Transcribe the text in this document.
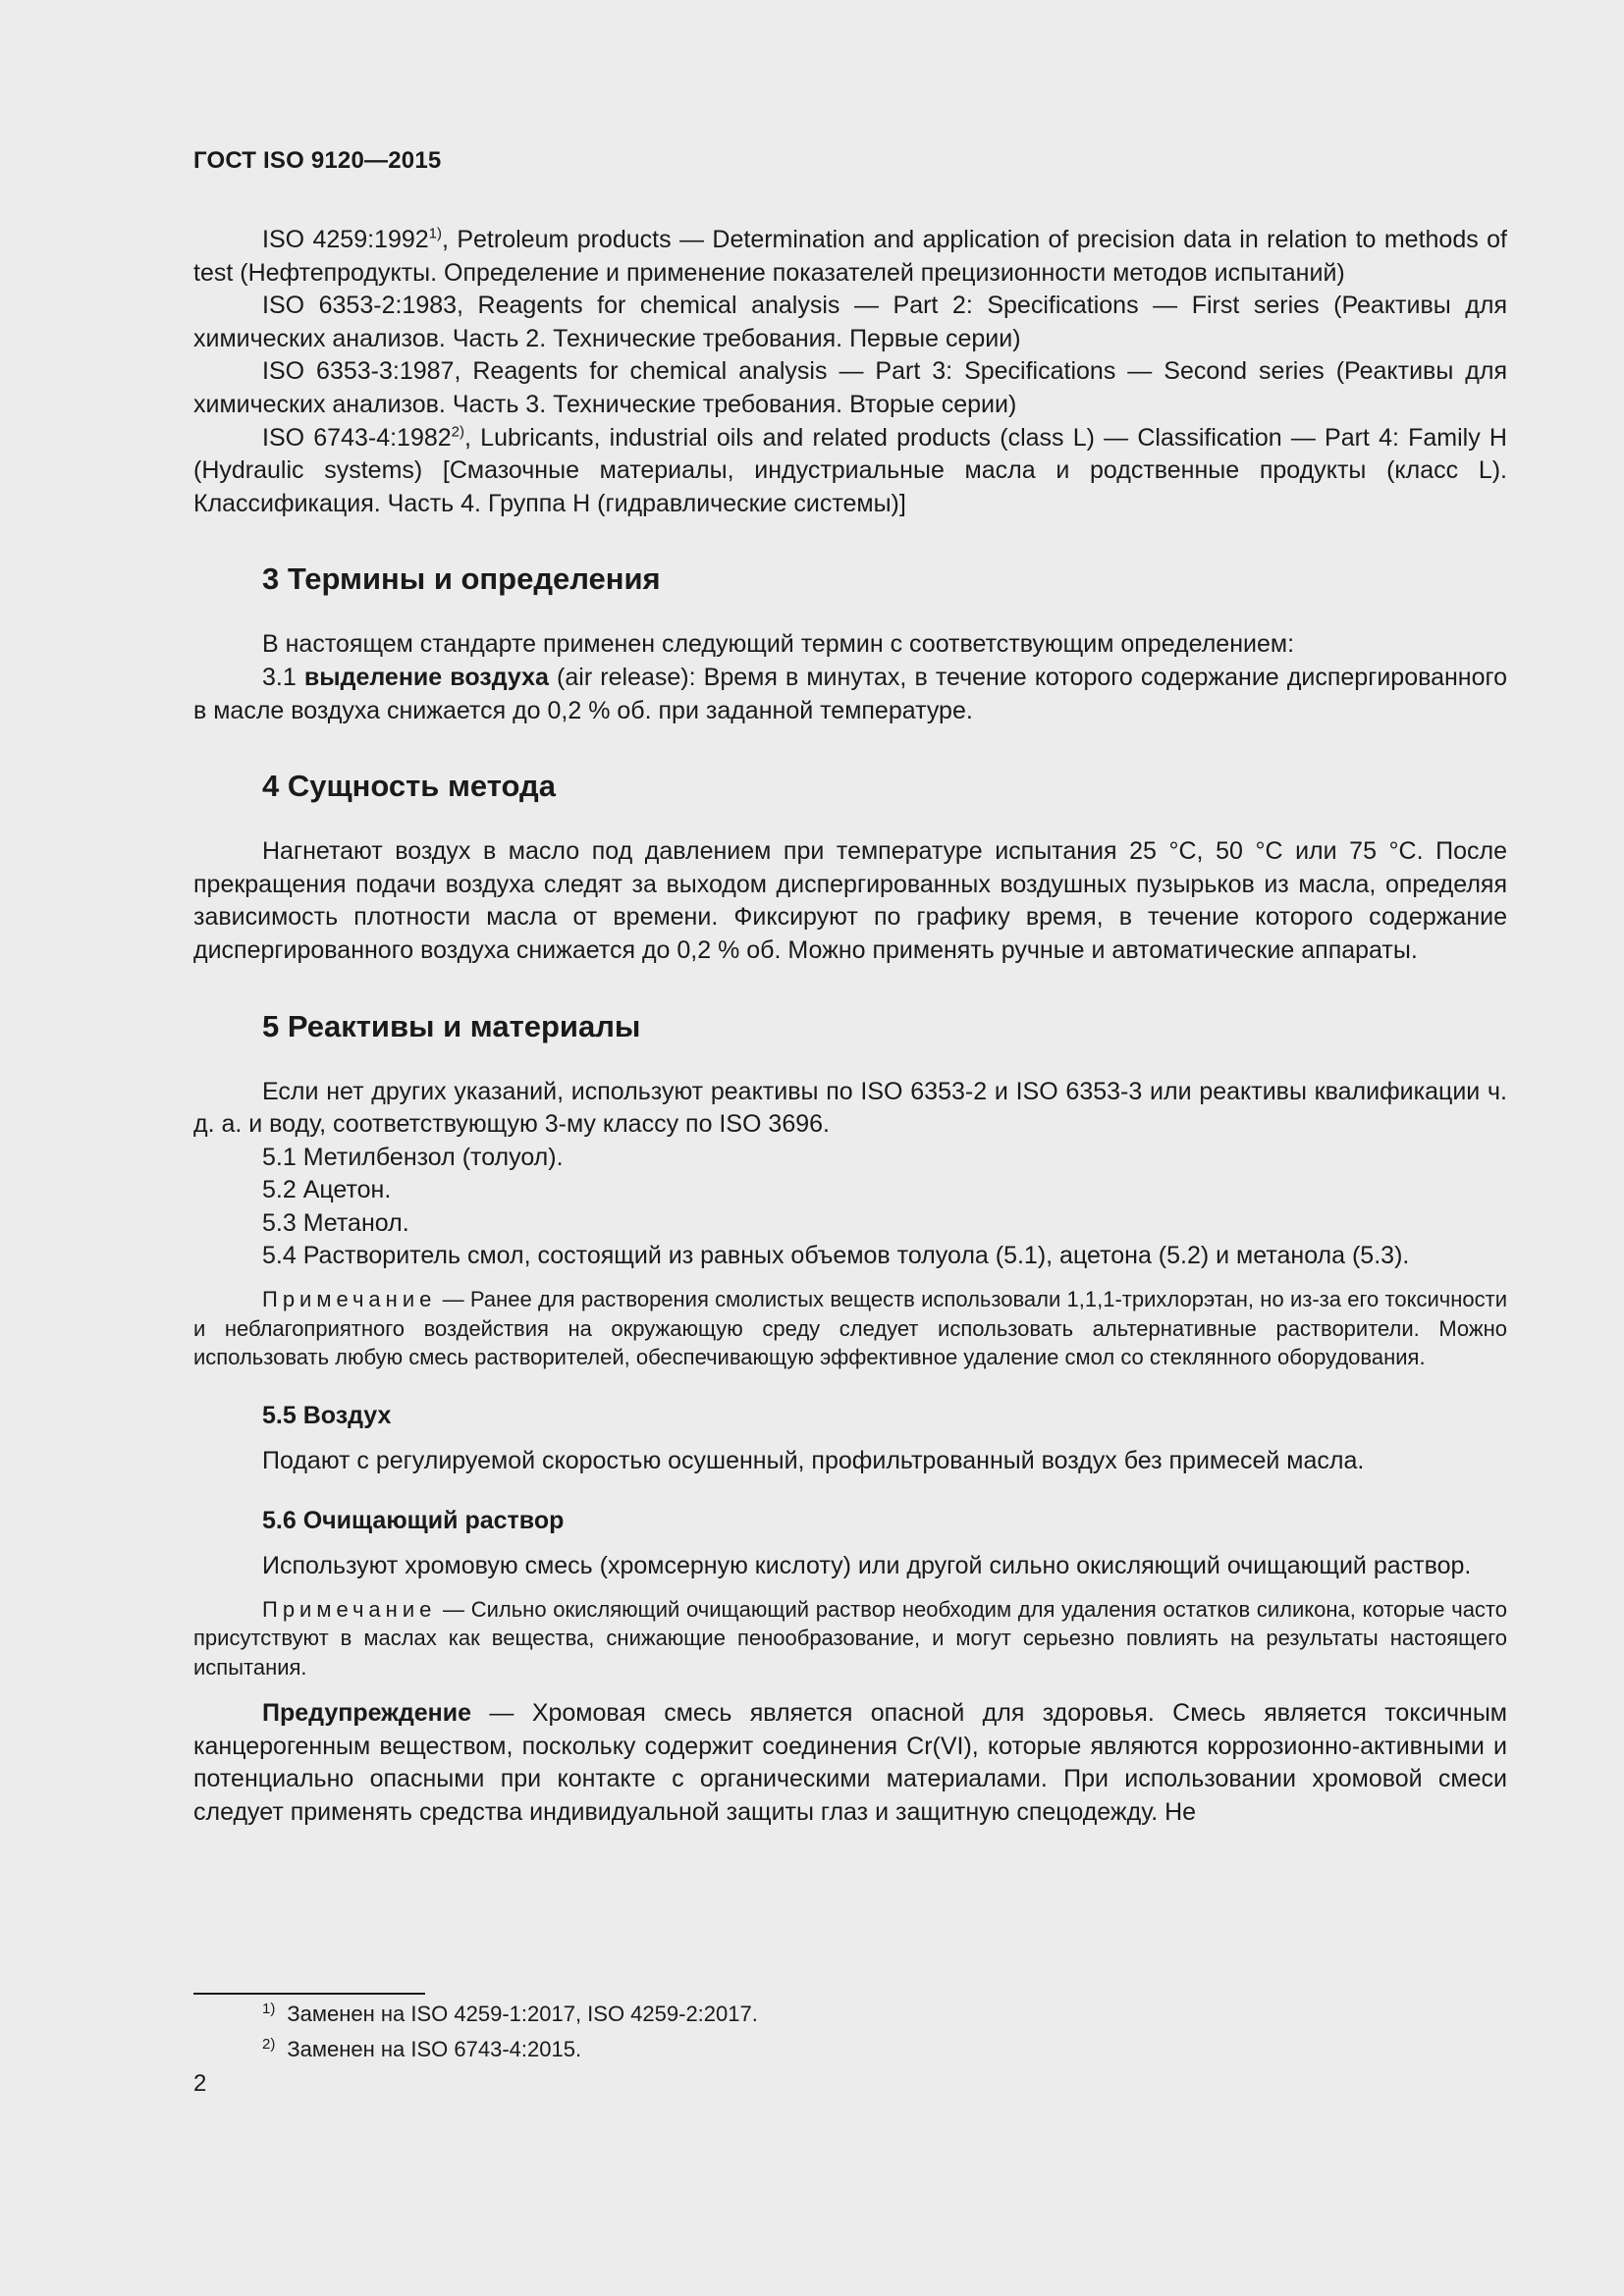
ГОСТ ISO 9120—2015

ISO 4259:1992$^{1)}$, Petroleum products — Determination and application of precision data in relation to methods of test (Нефтепродукты. Определение и применение показателей прецизионности методов испытаний)

ISO 6353-2:1983, Reagents for chemical analysis — Part 2: Specifications — First series (Реактивы для химических анализов. Часть 2. Технические требования. Первые серии)

ISO 6353-3:1987, Reagents for chemical analysis — Part 3: Specifications — Second series (Реактивы для химических анализов. Часть 3. Технические требования. Вторые серии)

ISO 6743-4:1982$^{2)}$, Lubricants, industrial oils and related products (class L) — Classification — Part 4: Family H (Hydraulic systems) [Смазочные материалы, индустриальные масла и родственные продукты (класс L). Классификация. Часть 4. Группа H (гидравлические системы)]

3 Термины и определения

В настоящем стандарте применен следующий термин с соответствующим определением:

3.1 выделение воздуха (air release): Время в минутах, в течение которого содержание диспергированного в масле воздуха снижается до 0,2 % об. при заданной температуре.

4 Сущность метода

Нагнетают воздух в масло под давлением при температуре испытания 25 °С, 50 °С или 75 °С. После прекращения подачи воздуха следят за выходом диспергированных воздушных пузырьков из масла, определяя зависимость плотности масла от времени. Фиксируют по графику время, в течение которого содержание диспергированного воздуха снижается до 0,2 % об. Можно применять ручные и автоматические аппараты.

5 Реактивы и материалы

Если нет других указаний, используют реактивы по ISO 6353-2 и ISO 6353-3 или реактивы квалификации ч. д. а. и воду, соответствующую 3-му классу по ISO 3696.

5.1 Метилбензол (толуол).

5.2 Ацетон.

5.3 Метанол.

5.4 Растворитель смол, состоящий из равных объемов толуола (5.1), ацетона (5.2) и метанола (5.3).

Примечание — Ранее для растворения смолистых веществ использовали 1,1,1-трихлорэтан, но из-за его токсичности и неблагоприятного воздействия на окружающую среду следует использовать альтернативные растворители. Можно использовать любую смесь растворителей, обеспечивающую эффективное удаление смол со стеклянного оборудования.

5.5 Воздух

Подают с регулируемой скоростью осушенный, профильтрованный воздух без примесей масла.

5.6 Очищающий раствор

Используют хромовую смесь (хромсерную кислоту) или другой сильно окисляющий очищающий раствор.

Примечание — Сильно окисляющий очищающий раствор необходим для удаления остатков силикона, которые часто присутствуют в маслах как вещества, снижающие пенообразование, и могут серьезно повлиять на результаты настоящего испытания.

Предупреждение — Хромовая смесь является опасной для здоровья. Смесь является токсичным канцерогенным веществом, поскольку содержит соединения Cr(VI), которые являются коррозионно-активными и потенциально опасными при контакте с органическими материалами. При использовании хромовой смеси следует применять средства индивидуальной защиты глаз и защитную спецодежду. Не

$^{1)}$ Заменен на ISO 4259-1:2017, ISO 4259-2:2017.
$^{2)}$ Заменен на ISO 6743-4:2015.
2
